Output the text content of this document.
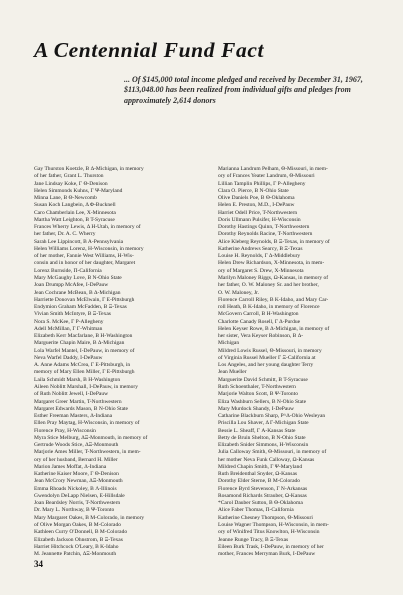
A Centennial Fund Fact
... Of $145,000 total income pledged and received by December 31, 1967, $113,048.00 has been realized from individual gifts and pledges from approximately 2,614 donors
Gay Thurston Koetzle, B Δ-Michigan, in memory
of her father, Grant L. Thurston
Jane Lindsay Koke, Γ Θ-Denison
Helen Simmonds Kuhns, Γ Ψ-Maryland
Minna Lane, B Θ-Newcomb
Susan Koch Langbein, Δ Φ-Bucknell
Caro Chamberlain Lee, X-Minnesota
Martha Watt Leighton, B T-Syracuse
Frances Wherry Lewis, Δ H-Utah, in memory of
her father, Dr. A. C. Wherry
Sarah Lee Lippincott, B A-Pennsylvania
Helen Williams Lorenz, H-Wisconsin, in memory
of her mother, Fannie West Williams, H-Wis-
consin and in honor of her daughter, Margaret
Lorenz Burnside, Π-California
Mary McGaughy Love, B N-Ohio State
Joan Drumpp McAfee, I-DePauw
Jean Cochrane McBean, B Δ-Michigan
Harriette Donovan McElwain, Γ E-Pittsburgh
Endymion Graham McFadden, B Ξ-Texas
Vivian Smith McIntyre, B Ξ-Texas
Nora S. McKee, Γ P-Allegheny
Adell McMillan, Γ Γ-Whitman
Elizabeth Kerr Macfarlane, B H-Washington
Marguerite Chapin Maire, B Δ-Michigan
Lola Warfel Mantel, I-DePauw, in memory of
Neva Warfel Daddy, I-DePauw
A. Anne Adams McCrea, Γ E-Pittsburgh, in
memory of Mary Ellen Miller, Γ E-Pittsburgh
Laila Schmidt Marsh, B H-Washington
Aileen Noblitt Marshall, I-DePauw, in memory
of Ruth Noblitt Jewell, I-DePauw
Margaret Greer Martin, T-Northwestern
Margaret Edwards Mason, B N-Ohio State
Esther Freeman Masters, Δ-Indiana
Ellen Pray Maytag, H-Wisconsin, in memory of
Florence Pray, H-Wisconsin
Myra Stice Melburg, ΔΞ-Monmouth, in memory of
Gertrude Woods Stice, ΔΞ-Monmouth
Marjorie Ames Miller, T-Northwestern, in mem-
ory of her husband, Bernard H. Miller
Marion James Moffat, Δ-Indiana
Katherine Kaiser Moore, Γ Θ-Denison
Jean McCrory Newman, ΔΞ-Monmouth
Emma Rhoads Nickoley, B Λ-Illinois
Gwendolyn DeLapp Nielsen, E-Hillsdale
Joan Beardsley Norris, T-Northwestern
Dr. Mary L. Northway, B Ψ-Toronto
Mary Margaret Oakes, B M-Colorado, in memory
of Olive Morgan Oakes, B M-Colorado
Kathleen Curry O'Donnell, B M-Colorado
Elizabeth Jackson Ohnstrom, B Ξ-Texas
Harriet Hitchcock O'Leary, B K-Idaho
M. Jeannette Patchin, ΔΞ-Monmouth
Marianna Landrum Pelham, Θ-Missouri, in mem-
ory of Frances Yeater Landrum, Θ-Missouri
Lillian Tamplin Phillips, Γ P-Allegheny
Clara O. Pierce, B N-Ohio State
Olive Daniels Poe, B Θ-Oklahoma
Helen E. Preston, M.D., I-DePauw
Harriet Odell Price, T-Northwestern
Doris Ullmann Pulsifer, H-Wisconsin
Dorothy Hastings Quinn, T-Northwestern
Dorothy Reynolds Racine, T-Northwestern
Alice Kleberg Reynolds, B Ξ-Texas, in memory of
Katherine Andrews Searcy, B Ξ-Texas
Louise H. Reynolds, Γ Δ-Middlebury
Helen Drew Richardson, X-Minnesota, in mem-
ory of Margaret S. Drew, X-Minnesota
Marilyn Maloney Riggs, Ω-Kansas, in memory of
her father, O. W. Maloney Sr. and her brother,
O. W. Maloney, Jr.
Florence Carroll Riley, B K-Idaho, and Mary Car-
roll Heath, B K-Idaho, in memory of Florence
McGovern Carroll, B H-Washington
Charlotte Canady Rosell, Γ Δ-Purdue
Helen Keyser Rowe, B Δ-Michigan, in memory of
her sister, Vera Keyser Robinson, B Δ-
Michigan
Mildred Lowis Russel, Θ-Missouri, in memory
of Virginia Russel Mueller Γ Ξ-California at
Los Angeles, and her young daughter Terry
Jean Mueller
Marguerite David Schmitt, B T-Syracuse
Ruth Schoenthaler, T-Northwestern
Marjorie Walton Scott, B Ψ-Toronto
Eliza Washburn Sellers, B N-Ohio State
Mary Murdock Shandy, I-DePauw
Catharine Blackburn Sharp, P^Δ-Ohio Wesleyan
Priscilla Lou Shaver, Δ Γ-Michigan State
Bessie L. Sheaff, Γ A-Kansas State
Betty de Bruin Shelton, B N-Ohio State
Elizabeth Snider Simmons, H-Wisconsin
Julia Calloway Smith, Θ-Missouri, in memory of
her mother Neva Funk Calloway, Ω-Kansas
Mildred Chapin Smith, Γ Ψ-Maryland
Ruth Breidenthal Snyder, Ω-Kansas
Dorothy Elder Sterne, B M-Colorado
Florence Byrd Stevenson, Γ N-Arkansas
Rosamond Richards Strauber, Ω-Kansas
*Carol Dauber Sutton, B Θ-Oklahoma
Alice Faber Thomas, Π-California
Katherine Chesney Thompson, Θ-Missouri
Louise Wagner Thompson, H-Wisconsin, in mem-
ory of Winifred Titus Knowlton, H-Wisconsin
Jeanne Runge Tracy, B Ξ-Texas
Eileen Burk Trask, I-DePauw, in memory of her
mother, Frances Merryman Burk, I-DePauw
34
